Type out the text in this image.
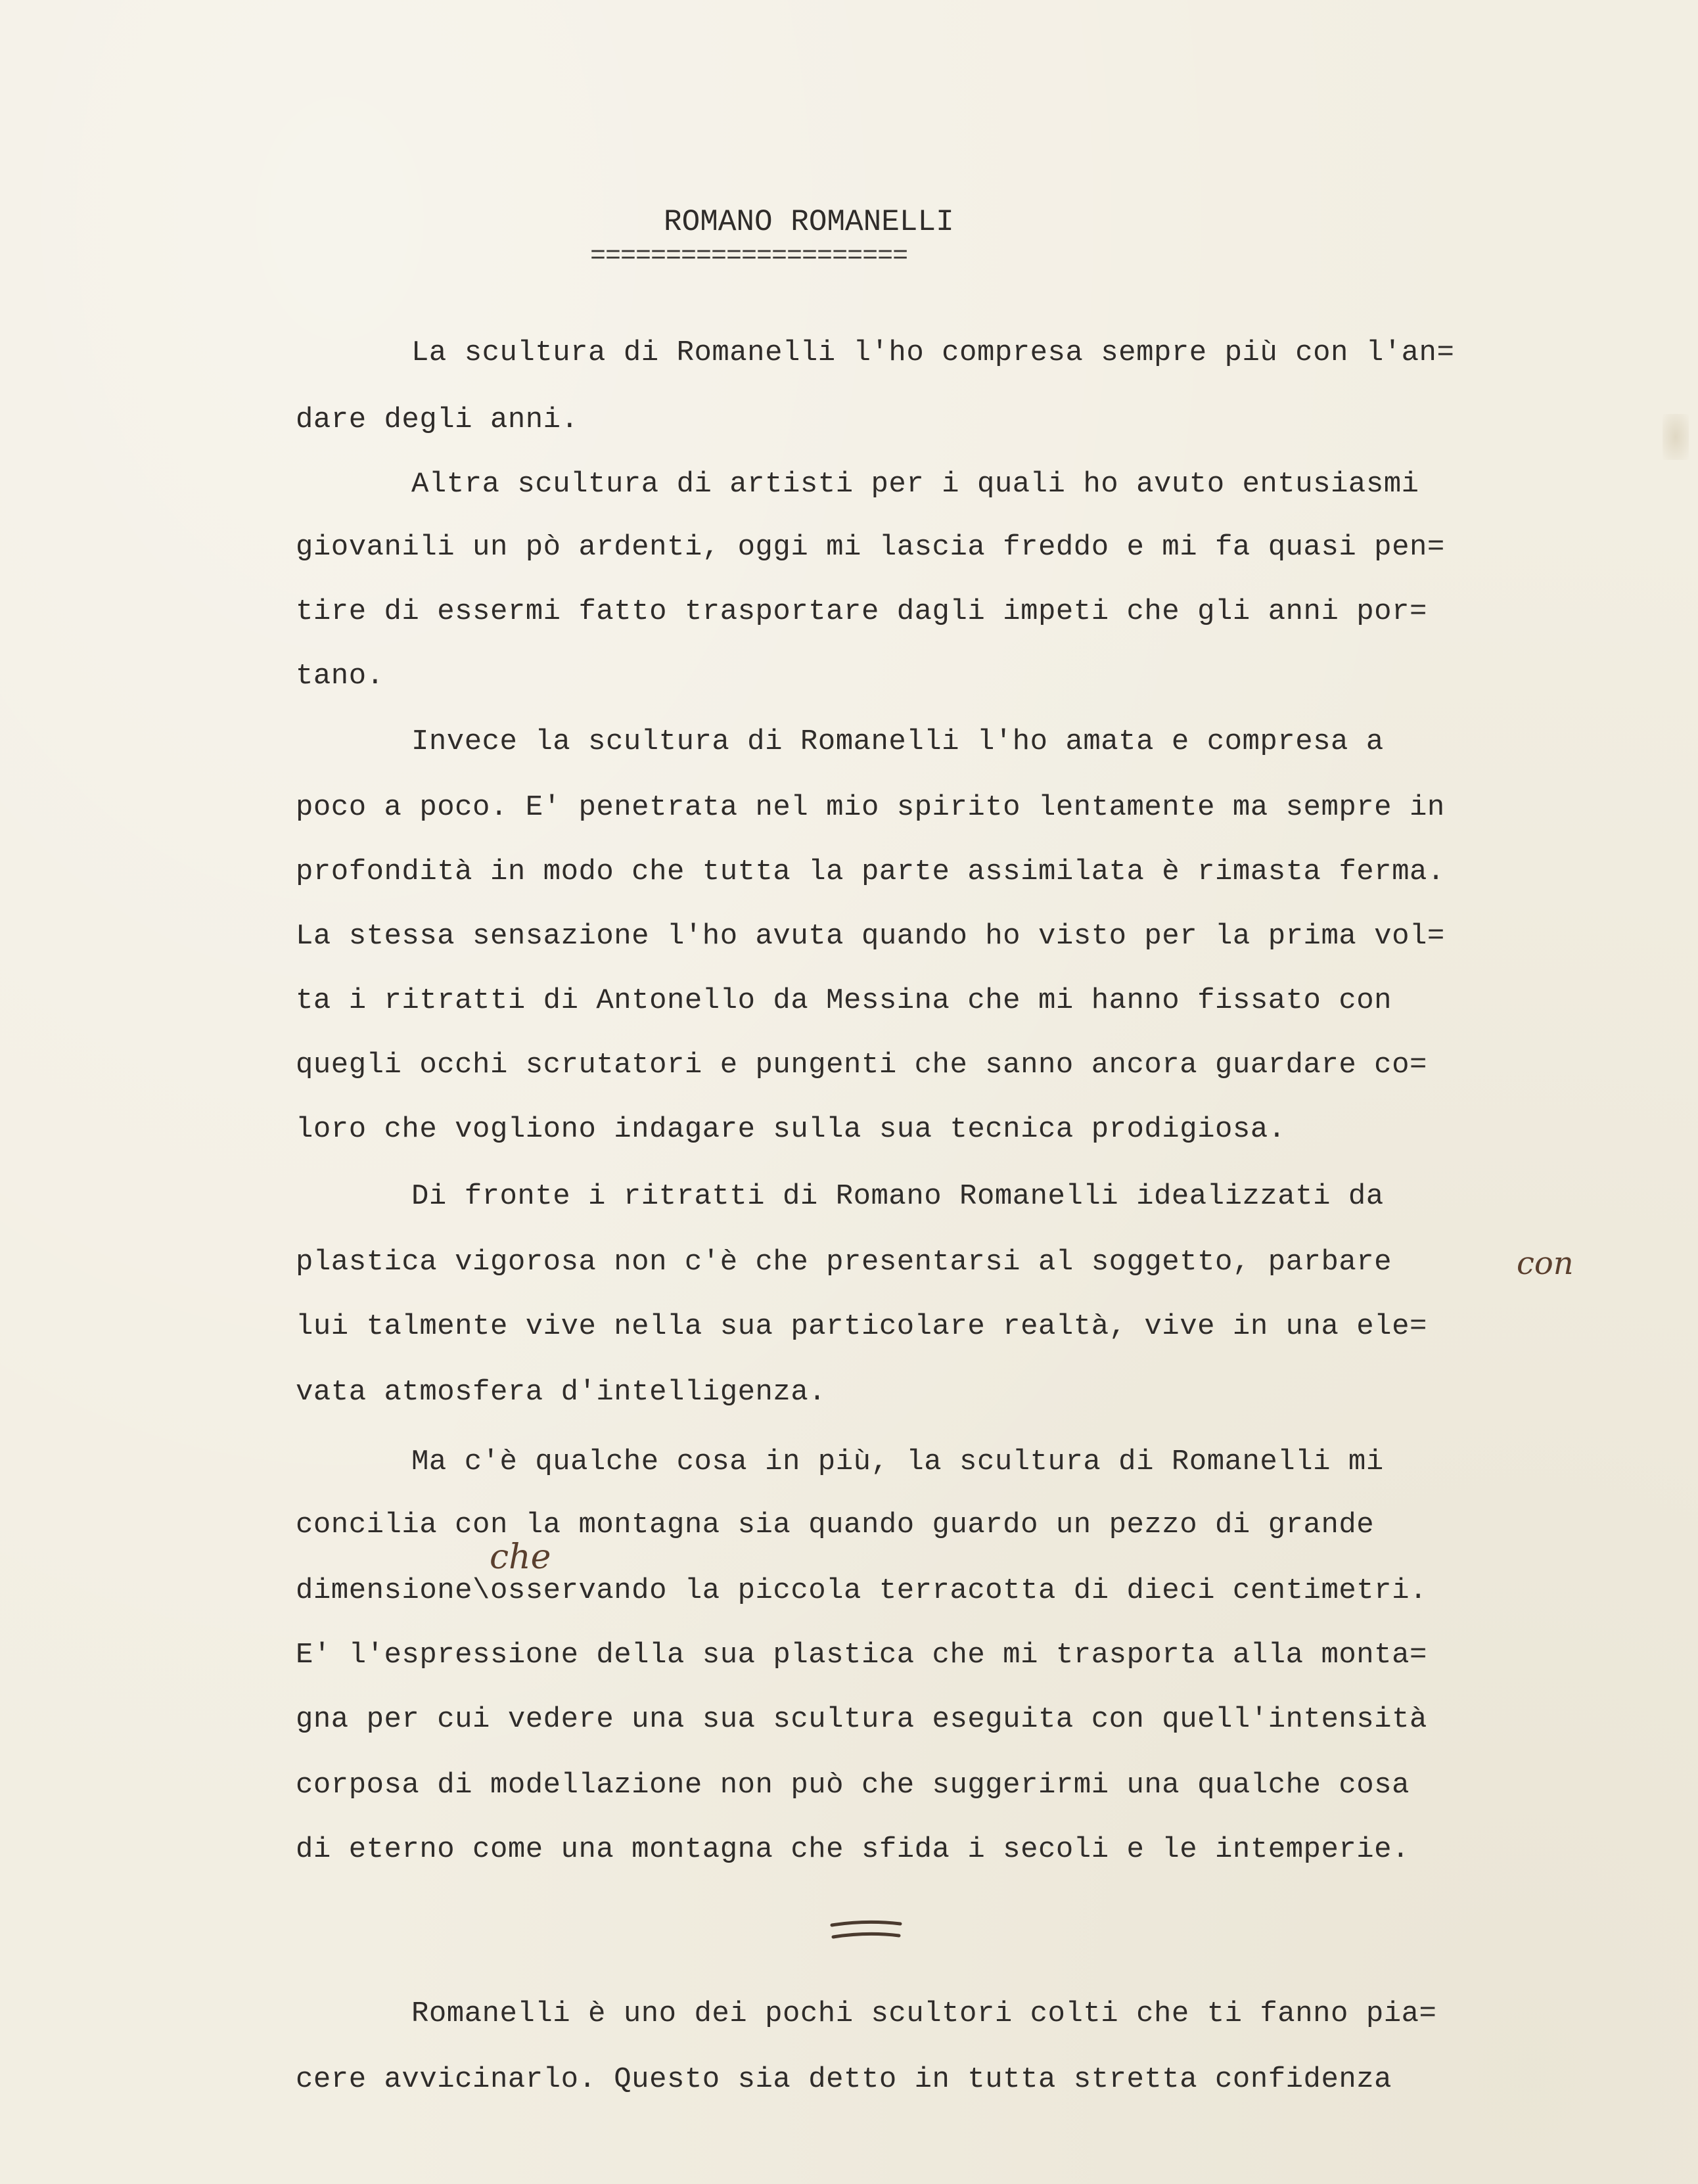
ROMANO ROMANELLI
=====================
La scultura di Romanelli l'ho compresa sempre più con l'an=
dare degli anni.
Altra scultura di artisti per i quali ho avuto entusiasmi
giovanili un pò ardenti, oggi mi lascia freddo e mi fa quasi pen=
tire di essermi fatto trasportare dagli impeti che gli anni por=
tano.
Invece la scultura di Romanelli l'ho amata e compresa a
poco a poco. E' penetrata nel mio spirito lentamente ma sempre in
profondità in modo che tutta la parte assimilata è rimasta ferma.
La stessa sensazione l'ho avuta quando ho visto per la prima vol=
ta i ritratti di Antonello da Messina che mi hanno fissato con
quegli occhi scrutatori e pungenti che sanno ancora guardare co=
loro che vogliono indagare sulla sua tecnica prodigiosa.
Di fronte i ritratti di Romano Romanelli idealizzati da
plastica vigorosa non c'è che presentarsi al soggetto, parbare
lui talmente vive nella sua particolare realtà, vive in una ele=
vata atmosfera d'intelligenza.
con
Ma c'è qualche cosa in più, la scultura di Romanelli mi
concilia con la montagna sia quando guardo un pezzo di grande
dimensione\osservando la piccola terracotta di dieci centimetri.
E' l'espressione della sua plastica che mi trasporta alla monta=
gna per cui vedere una sua scultura eseguita con quell'intensità
corposa di modellazione non può che suggerirmi una qualche cosa
di eterno come una montagna che sfida i secoli e le intemperie.
che
Romanelli è uno dei pochi scultori colti che ti fanno pia=
cere avvicinarlo. Questo sia detto in tutta stretta confidenza
